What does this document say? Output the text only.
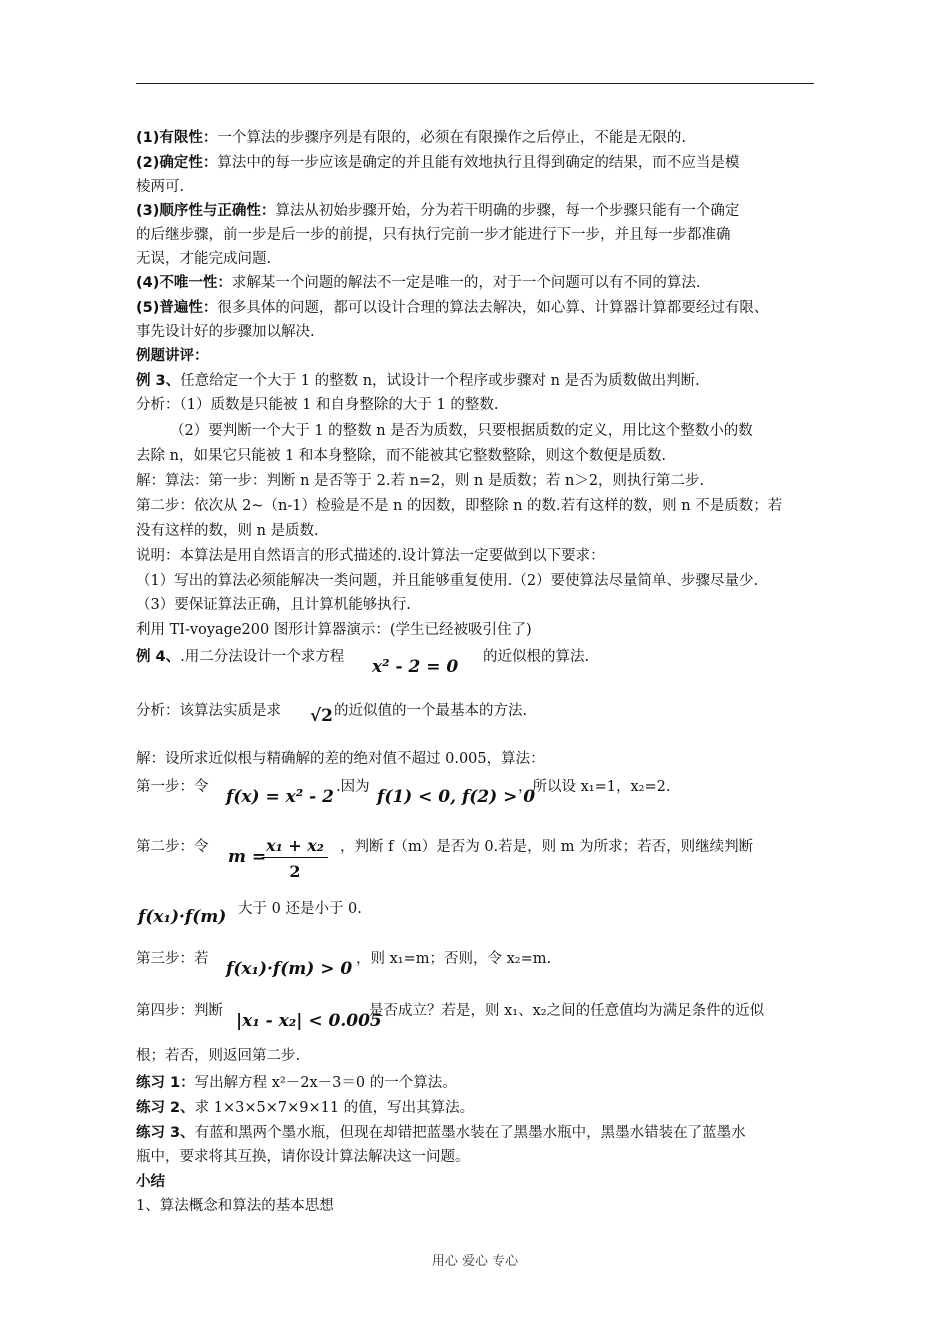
(1)有限性：一个算法的步骤序列是有限的，必须在有限操作之后停止，不能是无限的.
(2)确定性：算法中的每一步应该是确定的并且能有效地执行且得到确定的结果，而不应当是模
棱两可.
(3)顺序性与正确性：算法从初始步骤开始，分为若干明确的步骤，每一个步骤只能有一个确定
的后继步骤，前一步是后一步的前提，只有执行完前一步才能进行下一步，并且每一步都准确
无误，才能完成问题.
(4)不唯一性：求解某一个问题的解法不一定是唯一的，对于一个问题可以有不同的算法.
(5)普遍性：很多具体的问题，都可以设计合理的算法去解决，如心算、计算器计算都要经过有限、
事先设计好的步骤加以解决.
例题讲评：
例 3、任意给定一个大于 1 的整数 n，试设计一个程序或步骤对 n 是否为质数做出判断.
分析：（1）质数是只能被 1 和自身整除的大于 1 的整数.
（2）要判断一个大于 1 的整数 n 是否为质数，只要根据质数的定义，用比这个整数小的数
去除 n，如果它只能被 1 和本身整除，而不能被其它整数整除，则这个数便是质数.
解：算法：第一步：判断 n 是否等于 2.若 n=2，则 n 是质数；若 n＞2，则执行第二步.
第二步：依次从 2~（n-1）检验是不是 n 的因数，即整除 n 的数.若有这样的数，则 n 不是质数；若
没有这样的数，则 n 是质数.
说明：本算法是用自然语言的形式描述的.设计算法一定要做到以下要求：
（1）写出的算法必须能解决一类问题，并且能够重复使用.（2）要使算法尽量简单、步骤尽量少.
（3）要保证算法正确，且计算机能够执行.
利用 TI-voyage200 图形计算器演示：(学生已经被吸引住了)
例 4、.用二分法设计一个求方程 x² - 2 = 0 的近似根的算法.
分析：该算法实质是求 √2 的近似值的一个最基本的方法.
解：设所求近似根与精确解的差的绝对值不超过 0.005，算法：
第一步：令 f(x) = x² - 2 .因为 f(1) < 0, f(2) > 0
，所以设 x₁=1，x₂=2.
第二步：令 m =
$\frac{\text{x₁ + x₂}}{2}$ ，判断 f（m）是否为 0.若是，则 m 为所求；若否，则继续判断
f(x₁)·f(m) 大于 0 还是小于 0.
第三步：若 f(x₁)·f(m) > 0 ，则 x₁=m；否则，令 x₂=m.
第四步：判断 |x₁ - x₂| < 0.005
是否成立？若是，则 x₁、x₂之间的任意值均为满足条件的近似
根；若否，则返回第二步.
练习 1：写出解方程 x²－2x－3＝0 的一个算法。
练习 2、求 1×3×5×7×9×11 的值，写出其算法。
练习 3、有蓝和黑两个墨水瓶，但现在却错把蓝墨水装在了黑墨水瓶中，黑墨水错装在了蓝墨水
瓶中，要求将其互换，请你设计算法解决这一问题。
小结
1、算法概念和算法的基本思想
用心 爱心 专心
